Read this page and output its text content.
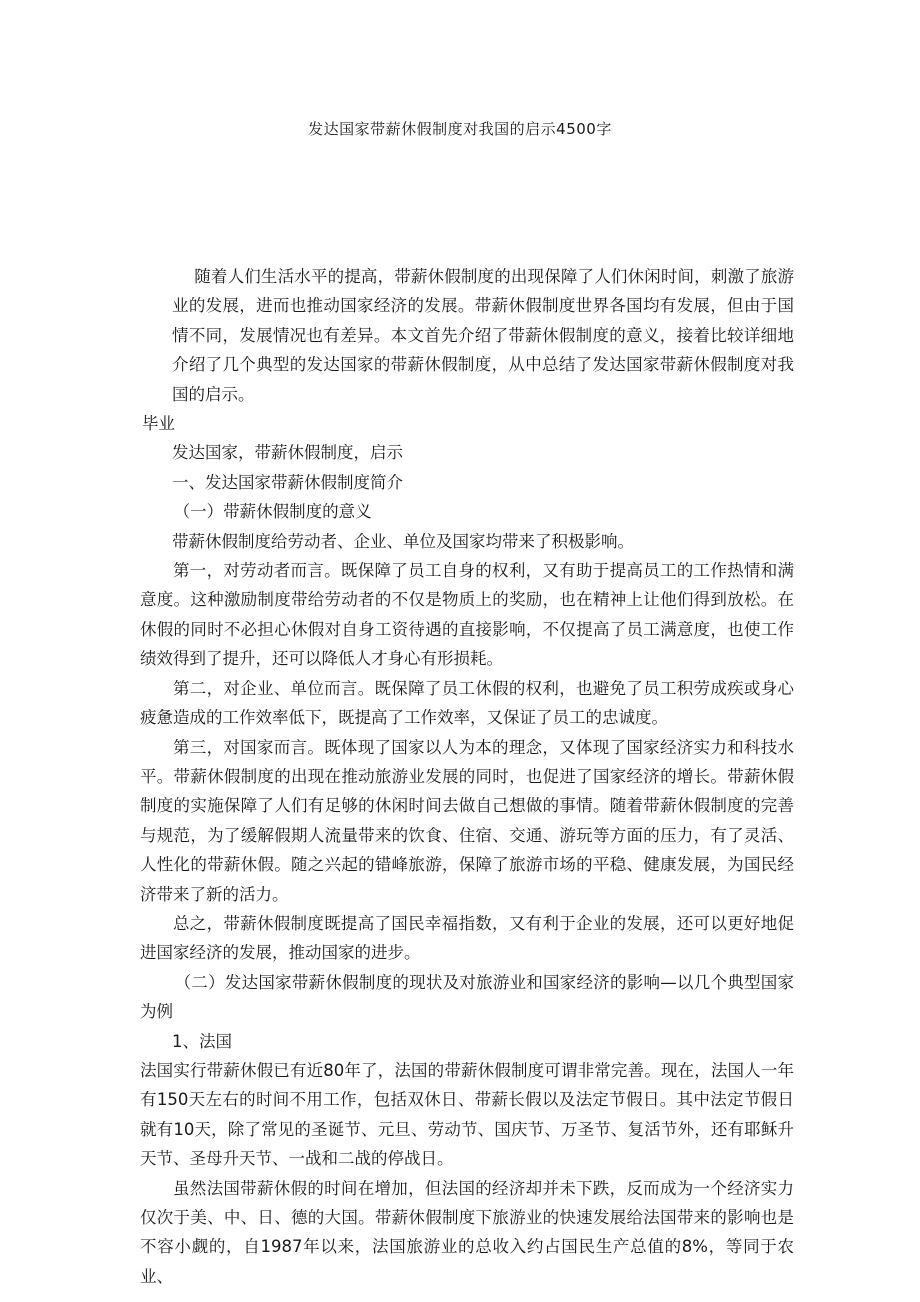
发达国家带薪休假制度对我国的启示4500字

随着人们生活水平的提高，带薪休假制度的出现保障了人们休闲时间，刺激了旅游业的发展，进而也推动国家经济的发展。带薪休假制度世界各国均有发展，但由于国情不同，发展情况也有差异。本文首先介绍了带薪休假制度的意义，接着比较详细地介绍了几个典型的发达国家的带薪休假制度，从中总结了发达国家带薪休假制度对我国的启示。

毕业

发达国家，带薪休假制度，启示

一、发达国家带薪休假制度简介

（一）带薪休假制度的意义

带薪休假制度给劳动者、企业、单位及国家均带来了积极影响。

第一，对劳动者而言。既保障了员工自身的权利，又有助于提高员工的工作热情和满意度。这种激励制度带给劳动者的不仅是物质上的奖励，也在精神上让他们得到放松。在休假的同时不必担心休假对自身工资待遇的直接影响，不仅提高了员工满意度，也使工作绩效得到了提升，还可以降低人才身心有形损耗。

第二，对企业、单位而言。既保障了员工休假的权利，也避免了员工积劳成疾或身心疲惫造成的工作效率低下，既提高了工作效率，又保证了员工的忠诚度。

第三，对国家而言。既体现了国家以人为本的理念，又体现了国家经济实力和科技水平。带薪休假制度的出现在推动旅游业发展的同时，也促进了国家经济的增长。带薪休假制度的实施保障了人们有足够的休闲时间去做自己想做的事情。随着带薪休假制度的完善与规范，为了缓解假期人流量带来的饮食、住宿、交通、游玩等方面的压力，有了灵活、人性化的带薪休假。随之兴起的错峰旅游，保障了旅游市场的平稳、健康发展，为国民经济带来了新的活力。

总之，带薪休假制度既提高了国民幸福指数，又有利于企业的发展，还可以更好地促进国家经济的发展，推动国家的进步。

（二）发达国家带薪休假制度的现状及对旅游业和国家经济的影响—以几个典型国家为例

1、法国

法国实行带薪休假已有近80年了，法国的带薪休假制度可谓非常完善。现在，法国人一年有150天左右的时间不用工作，包括双休日、带薪长假以及法定节假日。其中法定节假日就有10天，除了常见的圣诞节、元旦、劳动节、国庆节、万圣节、复活节外，还有耶稣升天节、圣母升天节、一战和二战的停战日。

虽然法国带薪休假的时间在增加，但法国的经济却并未下跌，反而成为一个经济实力仅次于美、中、日、德的大国。带薪休假制度下旅游业的快速发展给法国带来的影响也是不容小觑的，自1987年以来，法国旅游业的总收入约占国民生产总值的8%，等同于农业、
